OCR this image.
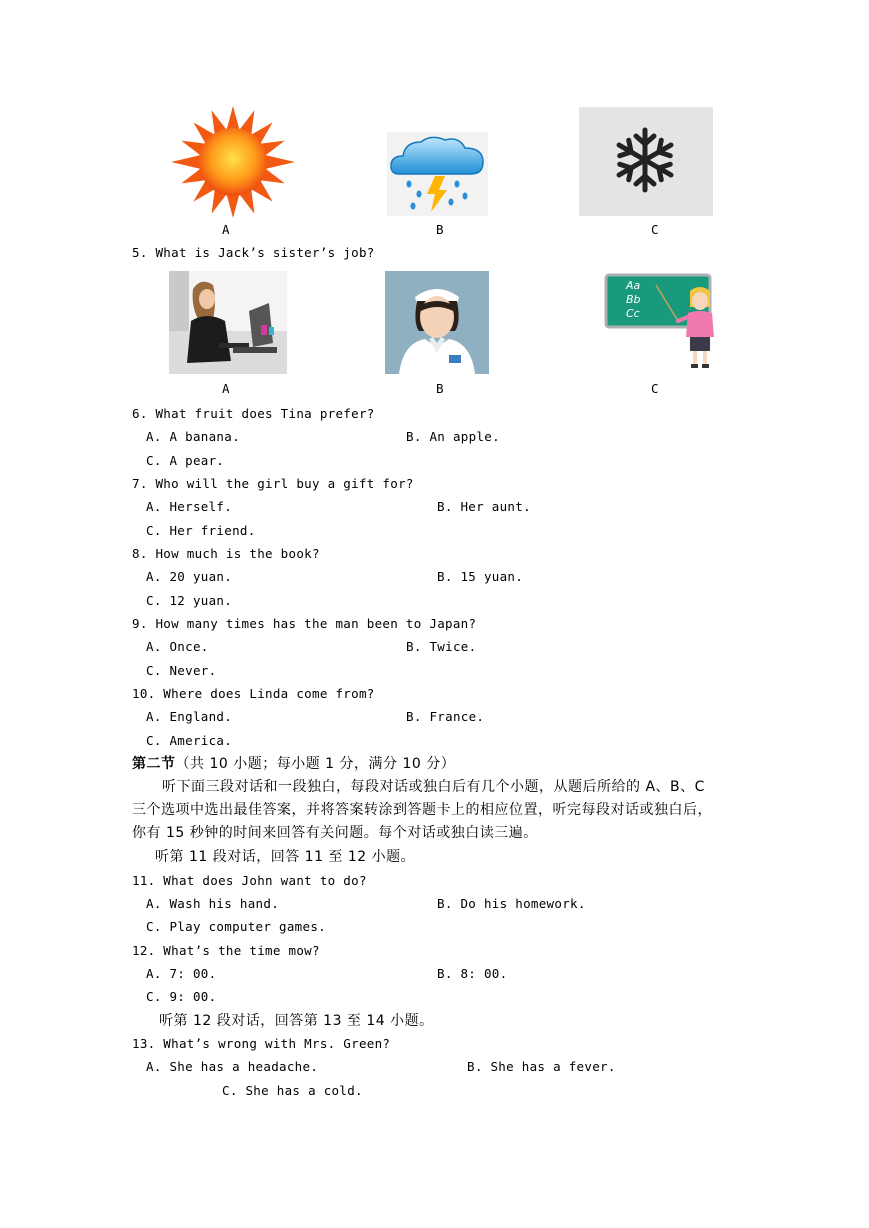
A	B	C
5. What is Jack’s sister’s job?
Aa
Bb
Cc
A	B	C
6. What fruit does Tina prefer?
A. A banana.	B. An apple.
C. A pear.
7. Who will the girl buy a gift for?
A. Herself.	B. Her aunt.
C. Her friend.
8. How much is the book?
A. 20 yuan.	B. 15 yuan.
C. 12 yuan.
9. How many times has the man been to Japan?
A. Once.	B. Twice.
C. Never.
10. Where does Linda come from?
A. England.	B. France.
C. America.
第二节（共 10 小题；每小题 1 分，满分 10 分）
听下面三段对话和一段独白，每段对话或独白后有几个小题，从题后所给的 A、B、C
三个选项中选出最佳答案，并将答案转涂到答题卡上的相应位置，听完每段对话或独白后，
你有 15 秒钟的时间来回答有关问题。每个对话或独白读三遍。
听第 11 段对话，回答 11 至 12 小题。
11. What does John want to do?
A. Wash his hand.	B. Do his homework.
C. Play computer games.
12. What’s the time mow?
A. 7: 00.	B. 8: 00.
C. 9: 00.
听第 12 段对话，回答第 13 至 14 小题。
13. What’s wrong with Mrs. Green?
A. She has a headache.	B. She has a fever.
C. She has a cold.
